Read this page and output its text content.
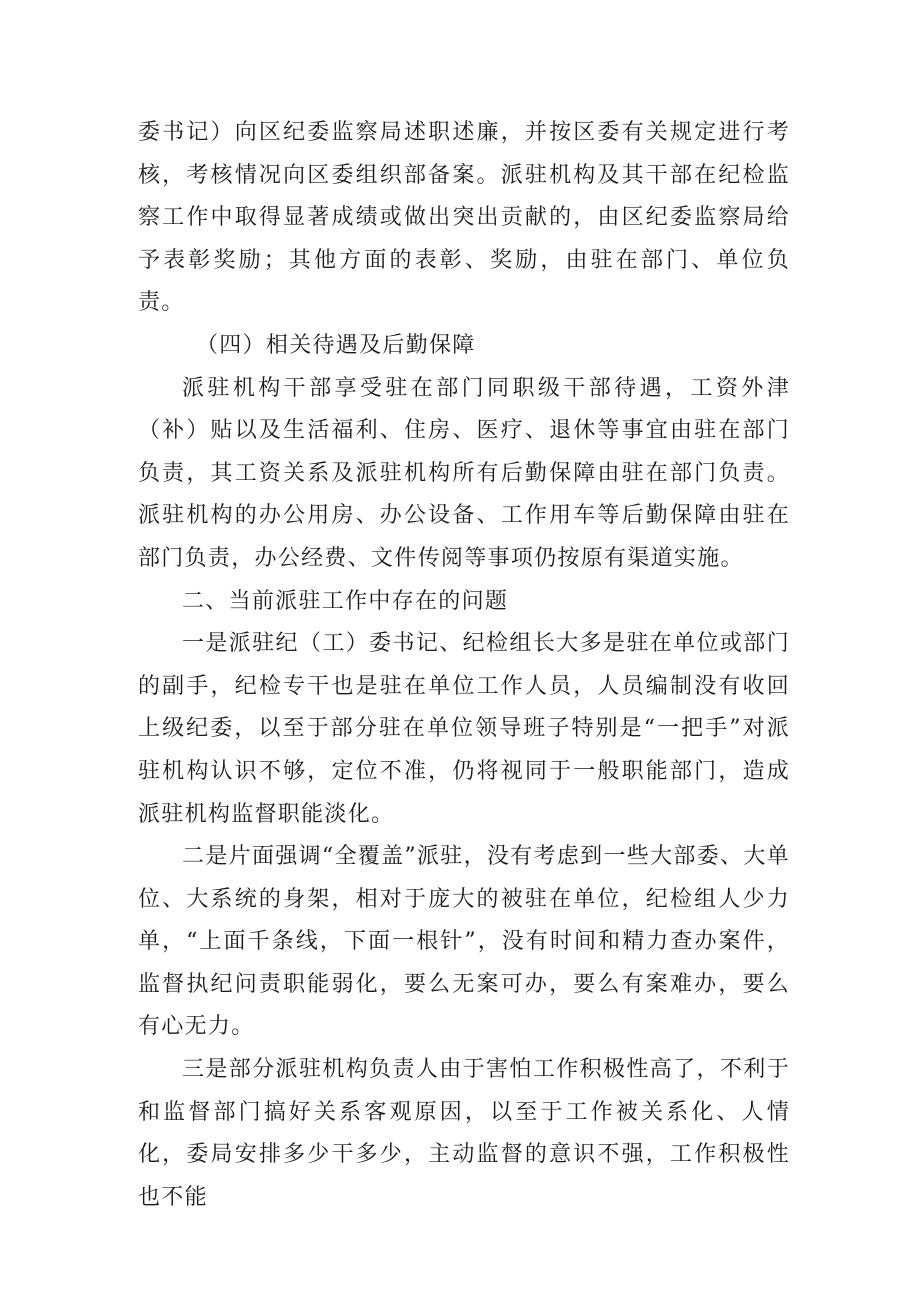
委书记）向区纪委监察局述职述廉，并按区委有关规定进行考核，考核情况向区委组织部备案。派驻机构及其干部在纪检监察工作中取得显著成绩或做出突出贡献的，由区纪委监察局给予表彰奖励；其他方面的表彰、奖励，由驻在部门、单位负责。

（四）相关待遇及后勤保障

派驻机构干部享受驻在部门同职级干部待遇，工资外津（补）贴以及生活福利、住房、医疗、退休等事宜由驻在部门负责，其工资关系及派驻机构所有后勤保障由驻在部门负责。派驻机构的办公用房、办公设备、工作用车等后勤保障由驻在部门负责，办公经费、文件传阅等事项仍按原有渠道实施。

二、当前派驻工作中存在的问题

一是派驻纪（工）委书记、纪检组长大多是驻在单位或部门的副手，纪检专干也是驻在单位工作人员，人员编制没有收回上级纪委，以至于部分驻在单位领导班子特别是“一把手”对派驻机构认识不够，定位不准，仍将视同于一般职能部门，造成派驻机构监督职能淡化。

二是片面强调“全覆盖”派驻，没有考虑到一些大部委、大单位、大系统的身架，相对于庞大的被驻在单位，纪检组人少力单，“上面千条线，下面一根针”，没有时间和精力查办案件，监督执纪问责职能弱化，要么无案可办，要么有案难办，要么有心无力。

三是部分派驻机构负责人由于害怕工作积极性高了，不利于和监督部门搞好关系客观原因，以至于工作被关系化、人情化，委局安排多少干多少，主动监督的意识不强，工作积极性也不能
